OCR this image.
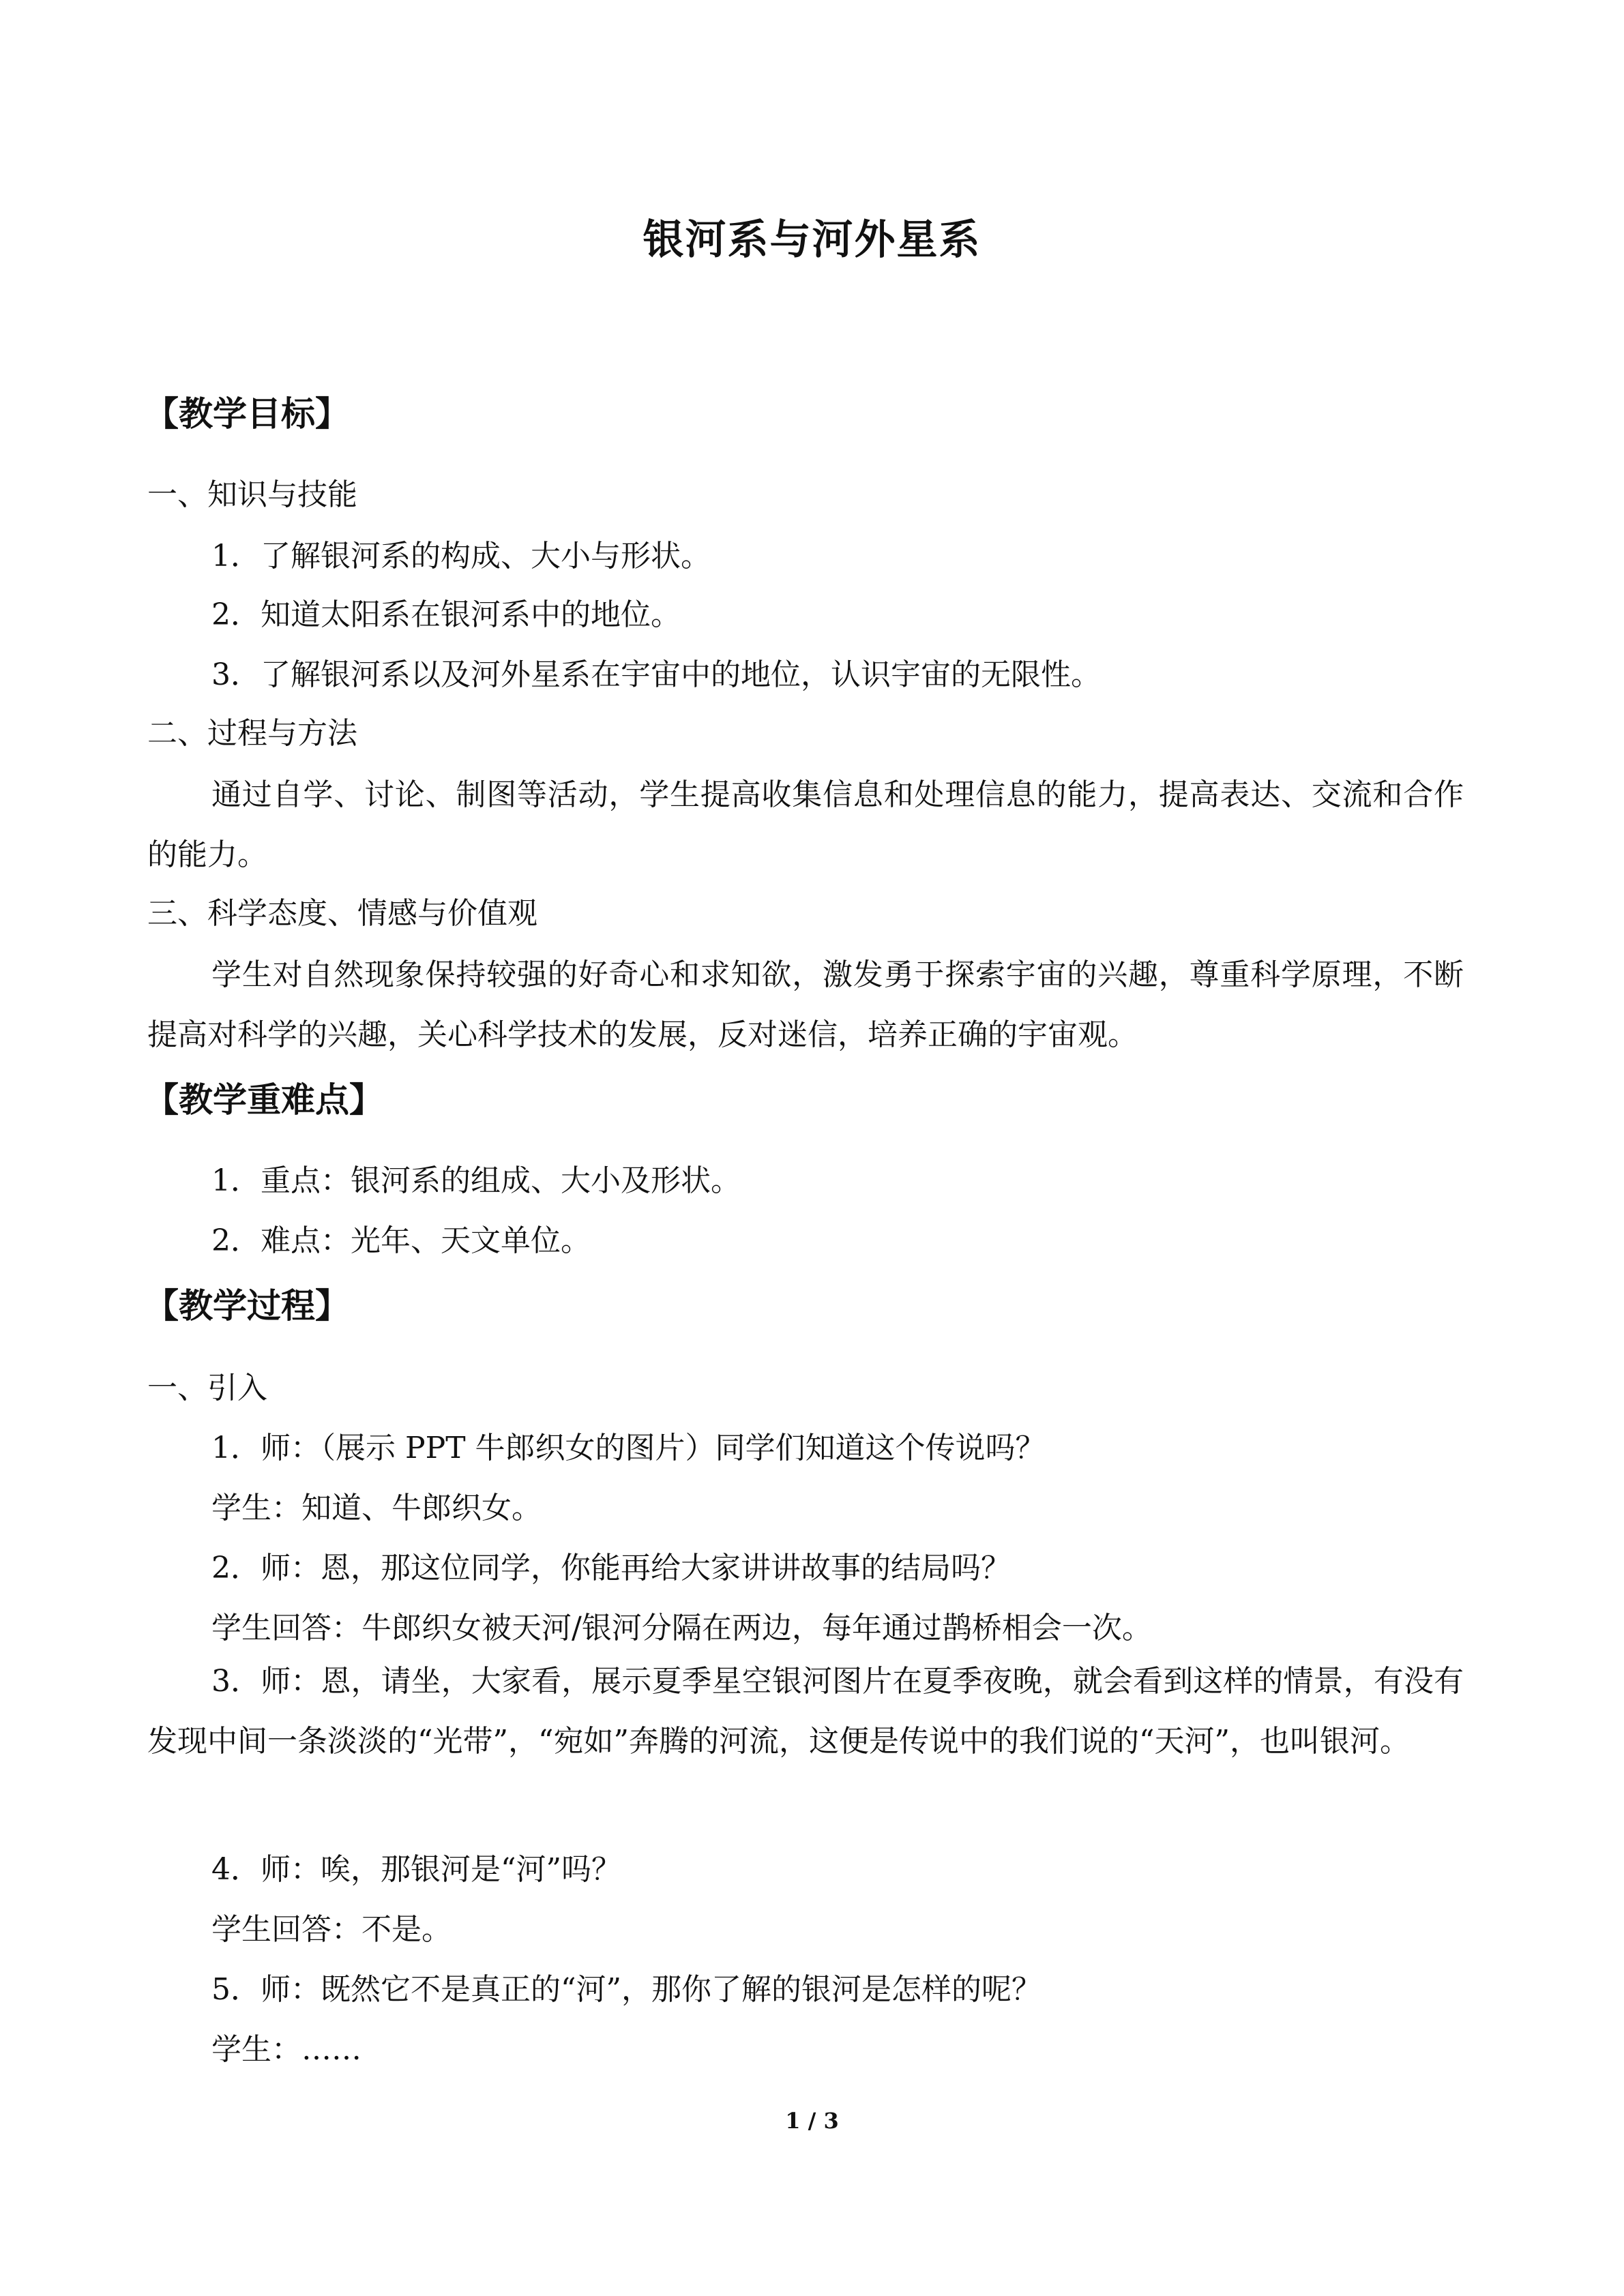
银河系与河外星系
【教学目标】
一、知识与技能
1．了解银河系的构成、大小与形状。
2．知道太阳系在银河系中的地位。
3．了解银河系以及河外星系在宇宙中的地位，认识宇宙的无限性。
二、过程与方法
通过自学、讨论、制图等活动，学生提高收集信息和处理信息的能力，提高表达、交流和合作的能力。
三、科学态度、情感与价值观
学生对自然现象保持较强的好奇心和求知欲，激发勇于探索宇宙的兴趣，尊重科学原理，不断提高对科学的兴趣，关心科学技术的发展，反对迷信，培养正确的宇宙观。
【教学重难点】
1．重点：银河系的组成、大小及形状。
2．难点：光年、天文单位。
【教学过程】
一、引入
1．师：（展示 PPT 牛郎织女的图片）同学们知道这个传说吗？
学生：知道、牛郎织女。
2．师：恩，那这位同学，你能再给大家讲讲故事的结局吗？
学生回答：牛郎织女被天河/银河分隔在两边，每年通过鹊桥相会一次。
3．师：恩，请坐，大家看，展示夏季星空银河图片在夏季夜晚，就会看到这样的情景，有没有发现中间一条淡淡的“光带”，“宛如”奔腾的河流，这便是传说中的我们说的“天河”，也叫银河。
4．师：唉，那银河是“河”吗？
学生回答：不是。
5．师：既然它不是真正的“河”，那你了解的银河是怎样的呢？
学生：……
1 / 3
